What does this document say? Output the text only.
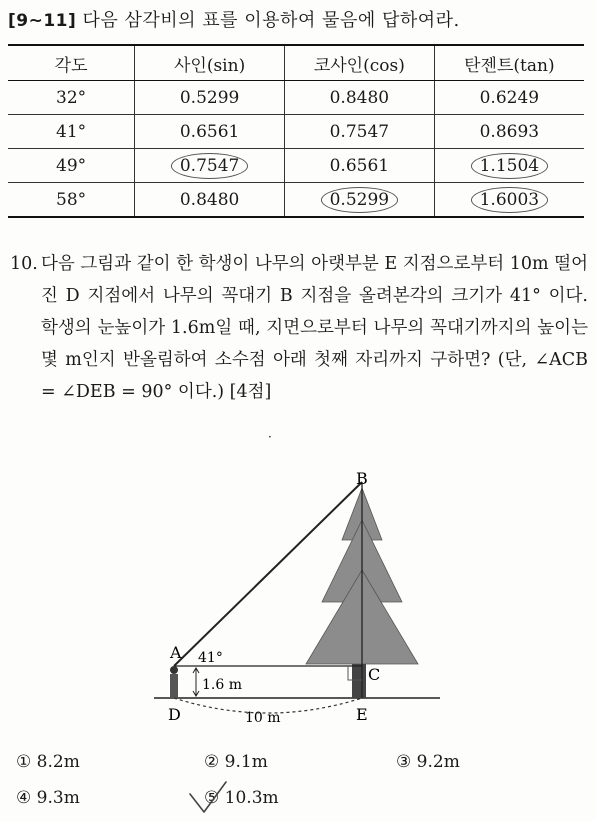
[9~11] 다음 삼각비의 표를 이용하여 물음에 답하여라.
각도	사인(sin)	코사인(cos)	탄젠트(tan)
32°	0.5299	0.8480	0.6249
41°	0.6561	0.7547	0.8693
49°	0.7547	0.6561	1.1504
58°	0.8480	0.5299	1.6003
10. 다음 그림과 같이 한 학생이 나무의 아랫부분 E 지점으로부터 10m 떨어진 D 지점에서 나무의 꼭대기 B 지점을 올려본각의 크기가 41° 이다. 학생의 눈높이가 1.6m일 때, 지면으로부터 나무의 꼭대기까지의 높이는 몇 m인지 반올림하여 소수점 아래 첫째 자리까지 구하면? (단, ∠ACB = ∠DEB = 90° 이다.) [4점]
·
B
A
C
D	E
41°
1.6 m
10 m
① 8.2m	② 9.1m	③ 9.2m
④ 9.3m	⑤ 10.3m
